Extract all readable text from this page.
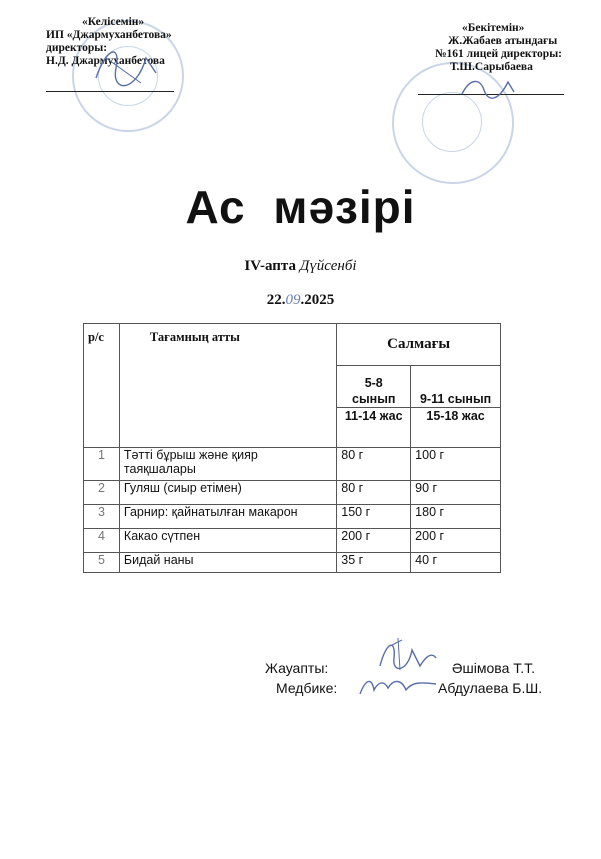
«Келісемін»
ИП «Джармуханбетова»
директоры:
Н.Д. Джармуханбетова
«Бекітемін»
Ж.Жабаев атындағы
№161 лицей директоры:
Т.Ш.Сарыбаева
Ас мәзірі
IV-апта Дүйсенбі
22.09.2025
р/с	Тағамның атты	Салмағы	
		5-8 сынып	9-11 сынып
		11-14 жас	15-18 жас
1	Тәтті бұрыш және қияр таяқшалары	80 г	100 г
2	Гуляш (сиыр етімен)	80 г	90 г
3	Гарнир: қайнатылған макарон	150 г	180 г
4	Какао сүтпен	200 г	200 г
5	Бидай наны	35 г	40 г
Жауапты:	Әшімова Т.Т.
Медбике:	Абдулаева Б.Ш.
